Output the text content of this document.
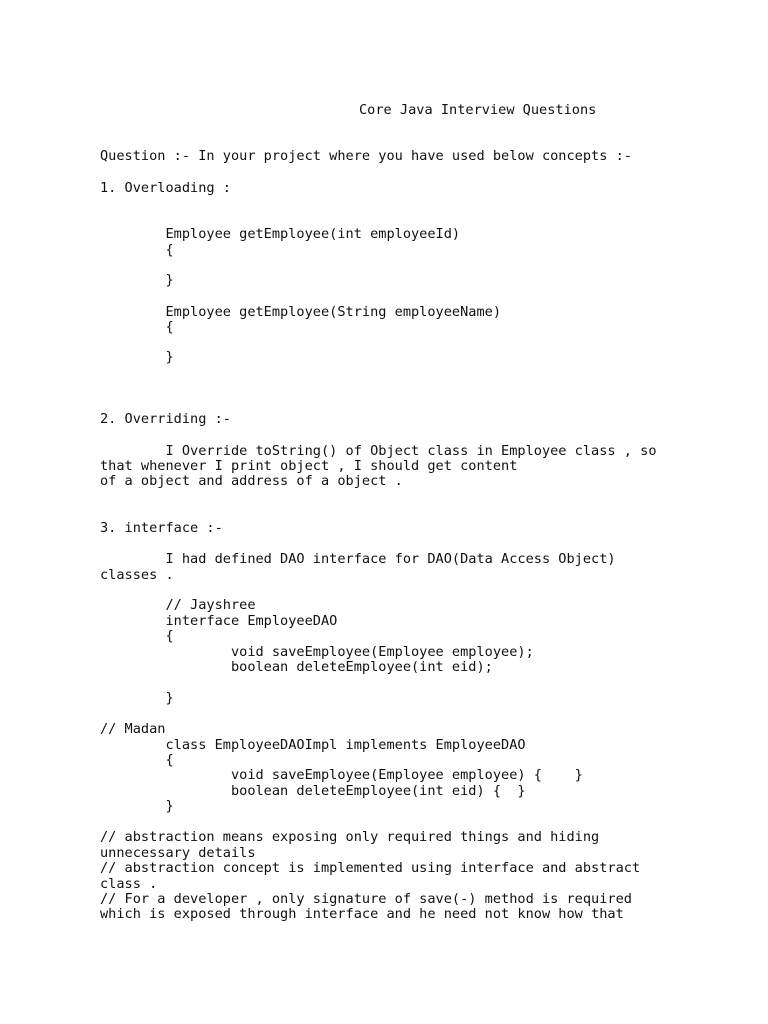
Core Java Interview Questions
Question :- In your project where you have used below concepts :-
1. Overloading :
Employee getEmployee(int employeeId)
{
}
Employee getEmployee(String employeeName)
{
}
2. Overriding :-
I Override toString() of Object class in Employee class , so
that whenever I print object , I should get content
of a object and address of a object .
3. interface :-
I had defined DAO interface for DAO(Data Access Object)
classes .
// Jayshree
interface EmployeeDAO
{
void saveEmployee(Employee employee);
boolean deleteEmployee(int eid);
}
// Madan
class EmployeeDAOImpl implements EmployeeDAO
{
void saveEmployee(Employee employee) {    }
boolean deleteEmployee(int eid) {  }
}
// abstraction means exposing only required things and hiding
unnecessary details
// abstraction concept is implemented using interface and abstract
class .
// For a developer , only signature of save(-) method is required
which is exposed through interface and he need not know how that
